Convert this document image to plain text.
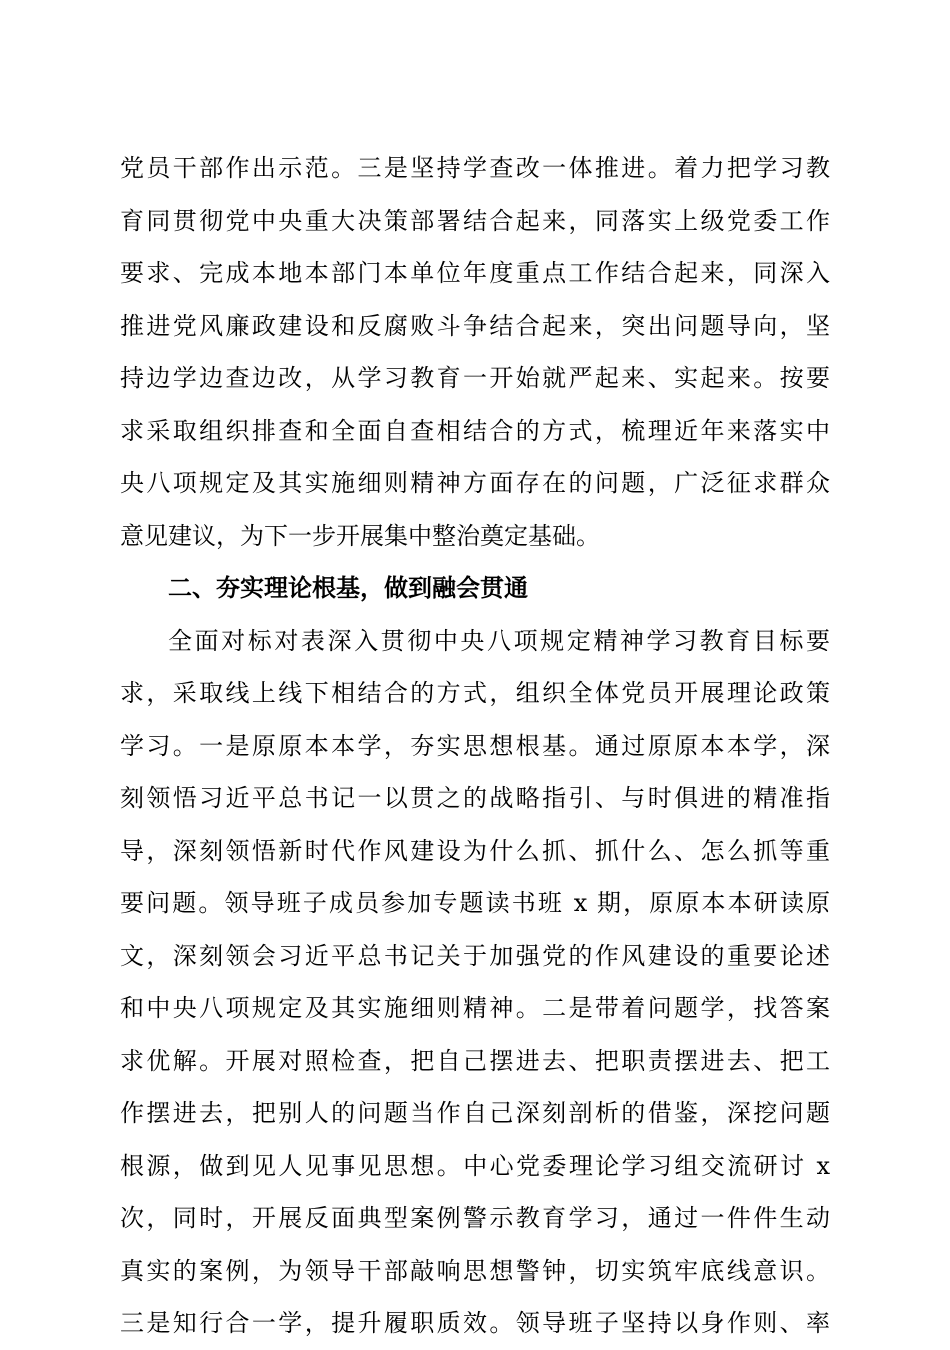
党员干部作出示范。三是坚持学查改一体推进。着力把学习教
育同贯彻党中央重大决策部署结合起来，同落实上级党委工作
要求、完成本地本部门本单位年度重点工作结合起来，同深入
推进党风廉政建设和反腐败斗争结合起来，突出问题导向，坚
持边学边查边改，从学习教育一开始就严起来、实起来。按要
求采取组织排查和全面自查相结合的方式，梳理近年来落实中
央八项规定及其实施细则精神方面存在的问题，广泛征求群众
意见建议，为下一步开展集中整治奠定基础。
二、夯实理论根基，做到融会贯通
全面对标对表深入贯彻中央八项规定精神学习教育目标要
求，采取线上线下相结合的方式，组织全体党员开展理论政策
学习。一是原原本本学，夯实思想根基。通过原原本本学，深
刻领悟习近平总书记一以贯之的战略指引、与时俱进的精准指
导，深刻领悟新时代作风建设为什么抓、抓什么、怎么抓等重
要问题。领导班子成员参加专题读书班 x 期，原原本本研读原
文，深刻领会习近平总书记关于加强党的作风建设的重要论述
和中央八项规定及其实施细则精神。二是带着问题学，找答案
求优解。开展对照检查，把自己摆进去、把职责摆进去、把工
作摆进去，把别人的问题当作自己深刻剖析的借鉴，深挖问题
根源，做到见人见事见思想。中心党委理论学习组交流研讨 x
次，同时，开展反面典型案例警示教育学习，通过一件件生动
真实的案例，为领导干部敲响思想警钟，切实筑牢底线意识。
三是知行合一学，提升履职质效。领导班子坚持以身作则、率
